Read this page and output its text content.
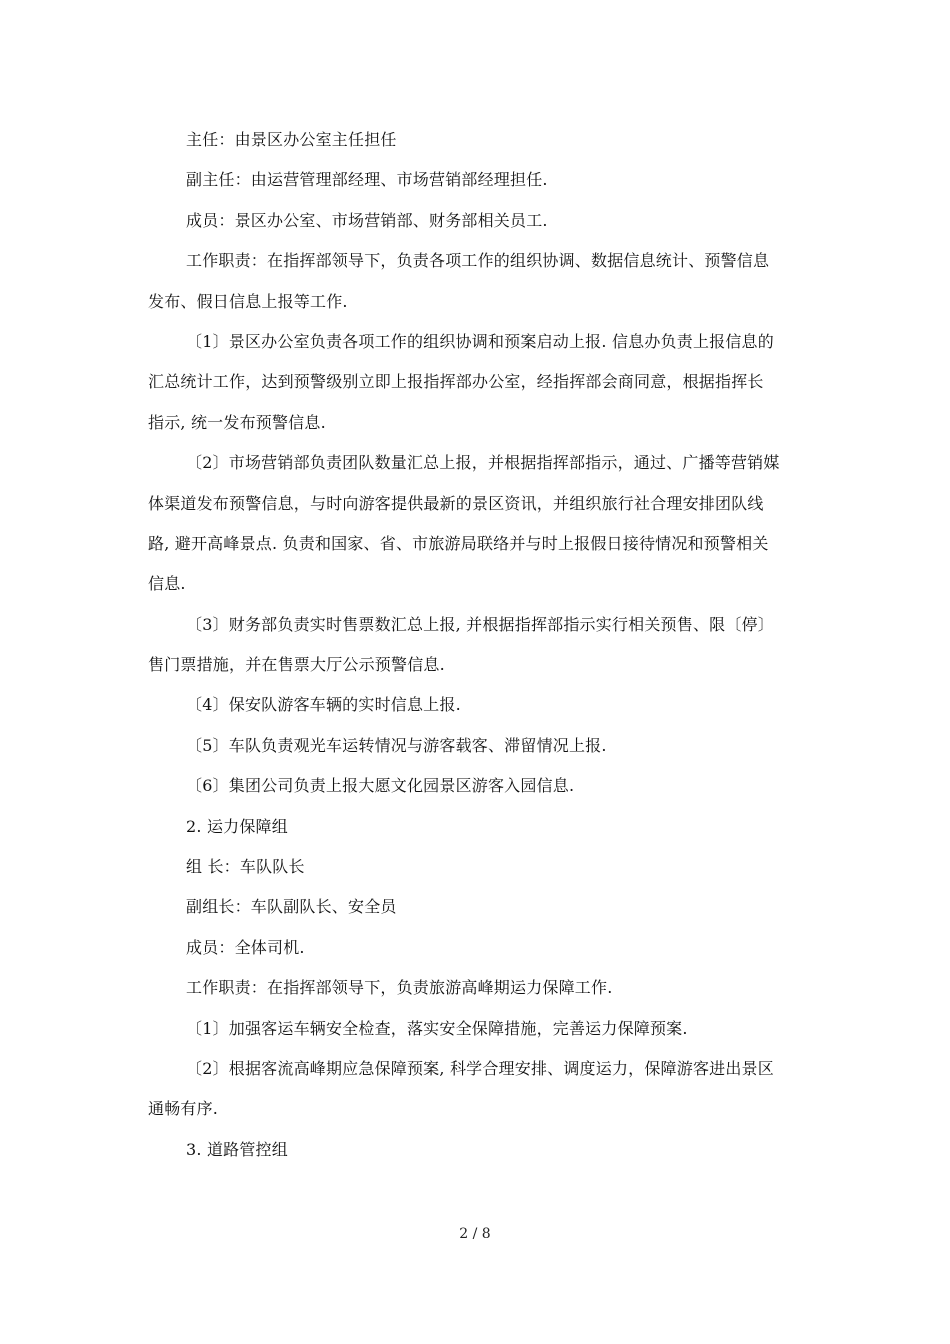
主任：由景区办公室主任担任
副主任：由运营管理部经理、市场营销部经理担任.
成员：景区办公室、市场营销部、财务部相关员工.
工作职责：在指挥部领导下，负责各项工作的组织协调、数据信息统计、预警信息
发布、假日信息上报等工作.
〔1〕景区办公室负责各项工作的组织协调和预案启动上报. 信息办负责上报信息的
汇总统计工作，达到预警级别立即上报指挥部办公室，经指挥部会商同意，根据指挥长
指示, 统一发布预警信息.
〔2〕市场营销部负责团队数量汇总上报，并根据指挥部指示，通过、广播等营销媒
体渠道发布预警信息，与时向游客提供最新的景区资讯，并组织旅行社合理安排团队线
路, 避开高峰景点. 负责和国家、省、市旅游局联络并与时上报假日接待情况和预警相关
信息.
〔3〕财务部负责实时售票数汇总上报, 并根据指挥部指示实行相关预售、限〔停〕
售门票措施，并在售票大厅公示预警信息.
〔4〕保安队游客车辆的实时信息上报.
〔5〕车队负责观光车运转情况与游客载客、滞留情况上报.
〔6〕集团公司负责上报大愿文化园景区游客入园信息.
2. 运力保障组
组 长：车队队长
副组长：车队副队长、安全员
成员：全体司机.
工作职责：在指挥部领导下，负责旅游高峰期运力保障工作.
〔1〕加强客运车辆安全检查，落实安全保障措施，完善运力保障预案.
〔2〕根据客流高峰期应急保障预案, 科学合理安排、调度运力，保障游客进出景区
通畅有序.
3. 道路管控组
2 / 8
